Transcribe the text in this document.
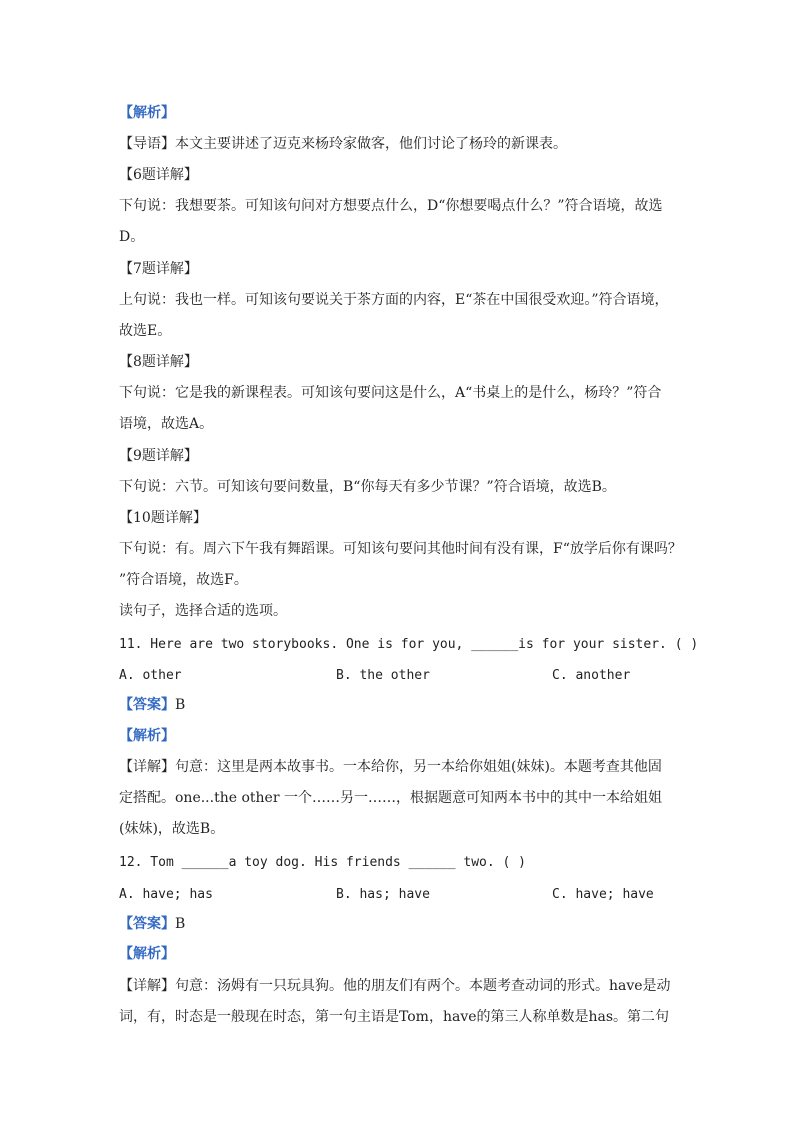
【解析】
【导语】本文主要讲述了迈克来杨玲家做客，他们讨论了杨玲的新课表。
【6题详解】
下句说：我想要茶。可知该句问对方想要点什么，D“你想要喝点什么？”符合语境，故选
D。
【7题详解】
上句说：我也一样。可知该句要说关于茶方面的内容，E“茶在中国很受欢迎。”符合语境，
故选E。
【8题详解】
下句说：它是我的新课程表。可知该句要问这是什么，A“书桌上的是什么，杨玲？”符合
语境，故选A。
【9题详解】
下句说：六节。可知该句要问数量，B“你每天有多少节课？”符合语境，故选B。
【10题详解】
下句说：有。周六下午我有舞蹈课。可知该句要问其他时间有没有课，F“放学后你有课吗？
”符合语境，故选F。
读句子，选择合适的选项。
11. Here are two storybooks. One is for you, ______is for your sister. ( )
A. other	B. the other	C. another
【答案】B
【解析】
【详解】句意：这里是两本故事书。一本给你，另一本给你姐姐(妹妹)。本题考查其他固
定搭配。one...the other 一个……另一……，根据题意可知两本书中的其中一本给姐姐
(妹妹)，故选B。
12. Tom ______a toy dog. His friends ______ two. ( )
A. have; has	B. has; have	C. have; have
【答案】B
【解析】
【详解】句意：汤姆有一只玩具狗。他的朋友们有两个。本题考查动词的形式。have是动
词，有，时态是一般现在时态，第一句主语是Tom，have的第三人称单数是has。第二句
